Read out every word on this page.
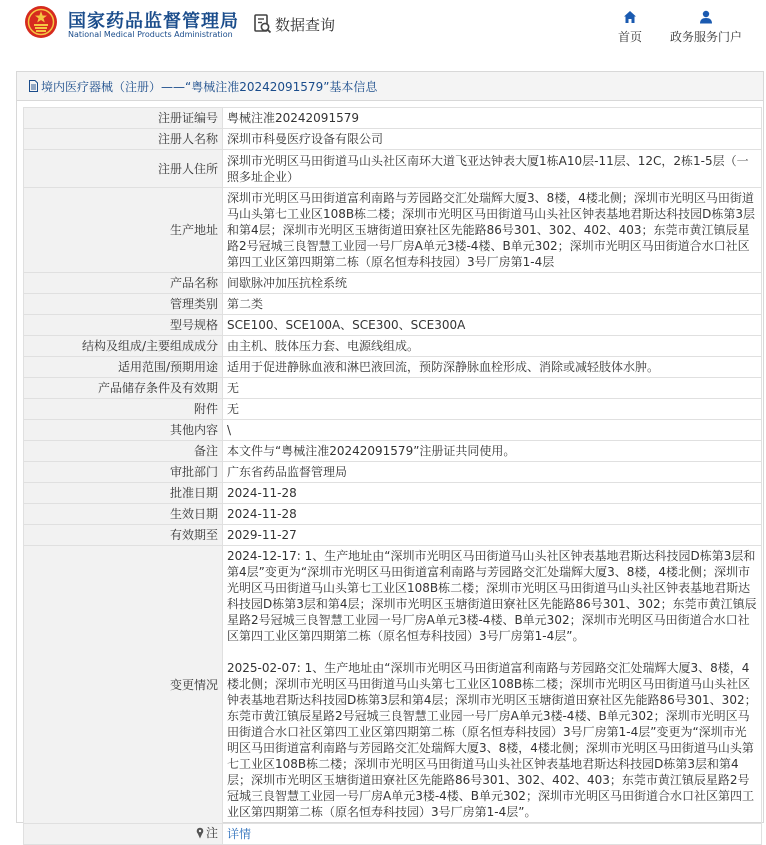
国家药品监督管理局
National Medical Products Administration
数据查询
首页	政务服务门户
境内医疗器械（注册）——“粤械注准20242091579”基本信息
注册证编号	粤械注准20242091579
注册人名称	深圳市科曼医疗设备有限公司
注册人住所	深圳市光明区马田街道马山头社区南环大道飞亚达钟表大厦1栋A10层-11层、12C，2栋1-5层（一照多址企业）
生产地址	深圳市光明区马田街道富利南路与芳园路交汇处瑞辉大厦3、8楼，4楼北侧；深圳市光明区马田街道马山头第七工业区108B栋二楼；深圳市光明区马田街道马山头社区钟表基地君斯达科技园D栋第3层和第4层；深圳市光明区玉塘街道田寮社区先能路86号301、302、402、403；东莞市黄江镇辰星路2号冠城三良智慧工业园一号厂房A单元3楼-4楼、B单元302；深圳市光明区马田街道合水口社区第四工业区第四期第二栋（原名恒寿科技园）3号厂房第1-4层
产品名称	间歇脉冲加压抗栓系统
管理类别	第二类
型号规格	SCE100、SCE100A、SCE300、SCE300A
结构及组成/主要组成成分	由主机、肢体压力套、电源线组成。
适用范围/预期用途	适用于促进静脉血液和淋巴液回流，预防深静脉血栓形成、消除或减轻肢体水肿。
产品储存条件及有效期	无
附件	无
其他内容	\
备注	本文件与“粤械注准20242091579”注册证共同使用。
审批部门	广东省药品监督管理局
批准日期	2024-11-28
生效日期	2024-11-28
有效期至	2029-11-27
变更情况	2024-12-17: 1、生产地址由“深圳市光明区马田街道马山头社区钟表基地君斯达科技园D栋第3层和第4层”变更为“深圳市光明区马田街道富利南路与芳园路交汇处瑞辉大厦3、8楼，4楼北侧；深圳市光明区马田街道马山头第七工业区108B栋二楼；深圳市光明区马田街道马山头社区钟表基地君斯达科技园D栋第3层和第4层；深圳市光明区玉塘街道田寮社区先能路86号301、302；东莞市黄江镇辰星路2号冠城三良智慧工业园一号厂房A单元3楼-4楼、B单元302；深圳市光明区马田街道合水口社区第四工业区第四期第二栋（原名恒寿科技园）3号厂房第1-4层”。
2025-02-07: 1、生产地址由“深圳市光明区马田街道富利南路与芳园路交汇处瑞辉大厦3、8楼，4楼北侧；深圳市光明区马田街道马山头第七工业区108B栋二楼；深圳市光明区马田街道马山头社区钟表基地君斯达科技园D栋第3层和第4层；深圳市光明区玉塘街道田寮社区先能路86号301、302；东莞市黄江镇辰星路2号冠城三良智慧工业园一号厂房A单元3楼-4楼、B单元302；深圳市光明区马田街道合水口社区第四工业区第四期第二栋（原名恒寿科技园）3号厂房第1-4层”变更为“深圳市光明区马田街道富利南路与芳园路交汇处瑞辉大厦3、8楼，4楼北侧；深圳市光明区马田街道马山头第七工业区108B栋二楼；深圳市光明区马田街道马山头社区钟表基地君斯达科技园D栋第3层和第4层；深圳市光明区玉塘街道田寮社区先能路86号301、302、402、403；东莞市黄江镇辰星路2号冠城三良智慧工业园一号厂房A单元3楼-4楼、B单元302；深圳市光明区马田街道合水口社区第四工业区第四期第二栋（原名恒寿科技园）3号厂房第1-4层”。

注	详情
